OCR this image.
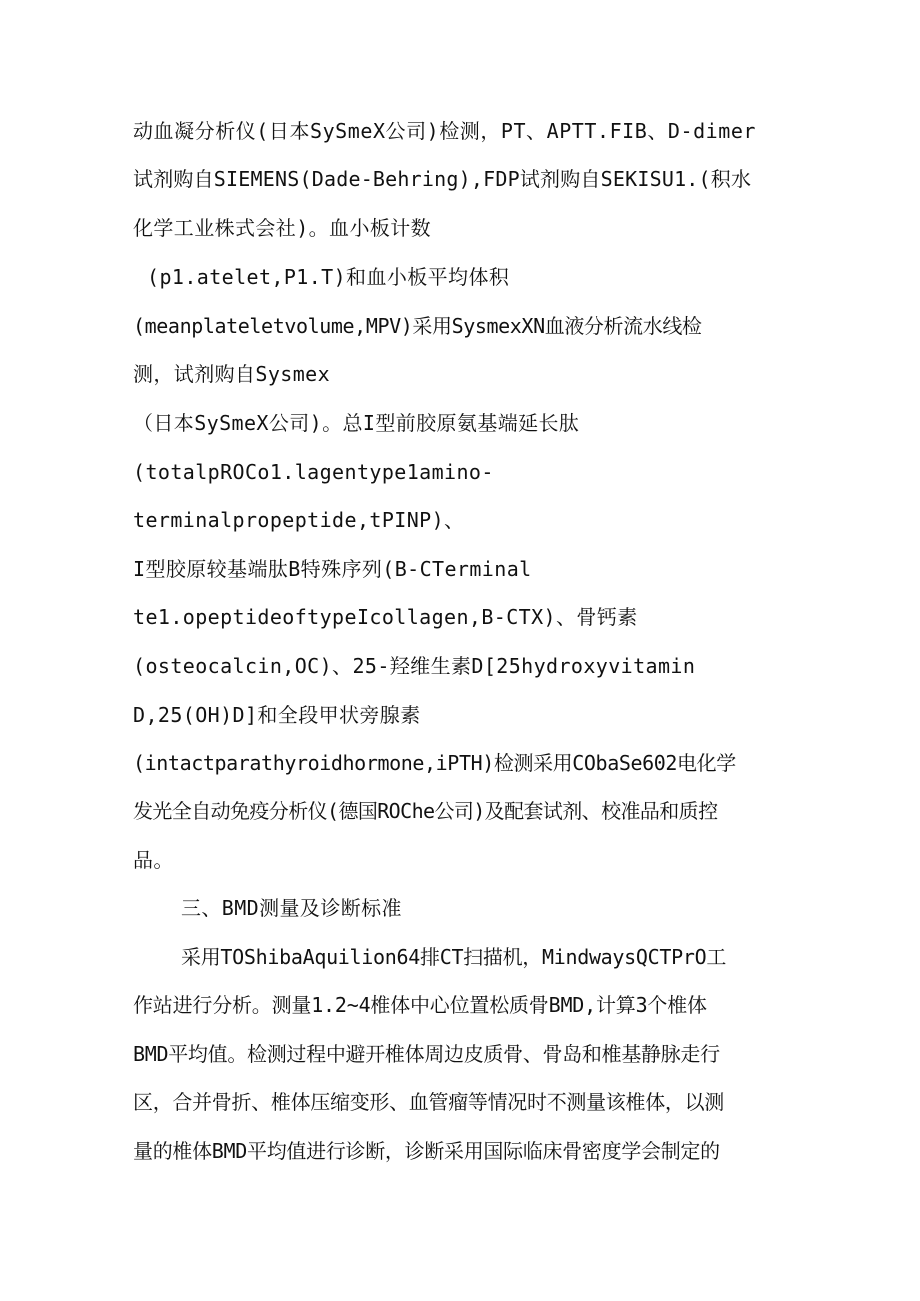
动血凝分析仪(日本SySmeX公司)检测，PT、APTT.FIB、D-dimer
试剂购自SIEMENS(Dade-Behring),FDP试剂购自SEKISU1.(积水
化学工业株式会社)。血小板计数
(p1.atelet,P1.T)和血小板平均体积
(meanplateletvolume,MPV)采用SysmexXN血液分析流水线检
测，试剂购自Sysmex
（日本SySmeX公司)。总I型前胶原氨基端延长肽
(totalpROCo1.lagentype1amino-
terminalpropeptide,tPINP)、
I型胶原较基端肽B特殊序列(B-CTerminal
te1.opeptideoftypeIcollagen,B-CTX)、骨钙素
(osteocalcin,OC)、25-羟维生素D[25hydroxyvitamin
D,25(OH)D]和全段甲状旁腺素
(intactparathyroidhormone,iPTH)检测采用CObaSe602电化学
发光全自动免疫分析仪(德国ROChe公司)及配套试剂、校准品和质控
品。
三、BMD测量及诊断标准
采用TOShibaAquilion64排CT扫描机，MindwaysQCTPrO工
作站进行分析。测量1.2~4椎体中心位置松质骨BMD,计算3个椎体
BMD平均值。检测过程中避开椎体周边皮质骨、骨岛和椎基静脉走行
区，合并骨折、椎体压缩变形、血管瘤等情况时不测量该椎体，以测
量的椎体BMD平均值进行诊断，诊断采用国际临床骨密度学会制定的
